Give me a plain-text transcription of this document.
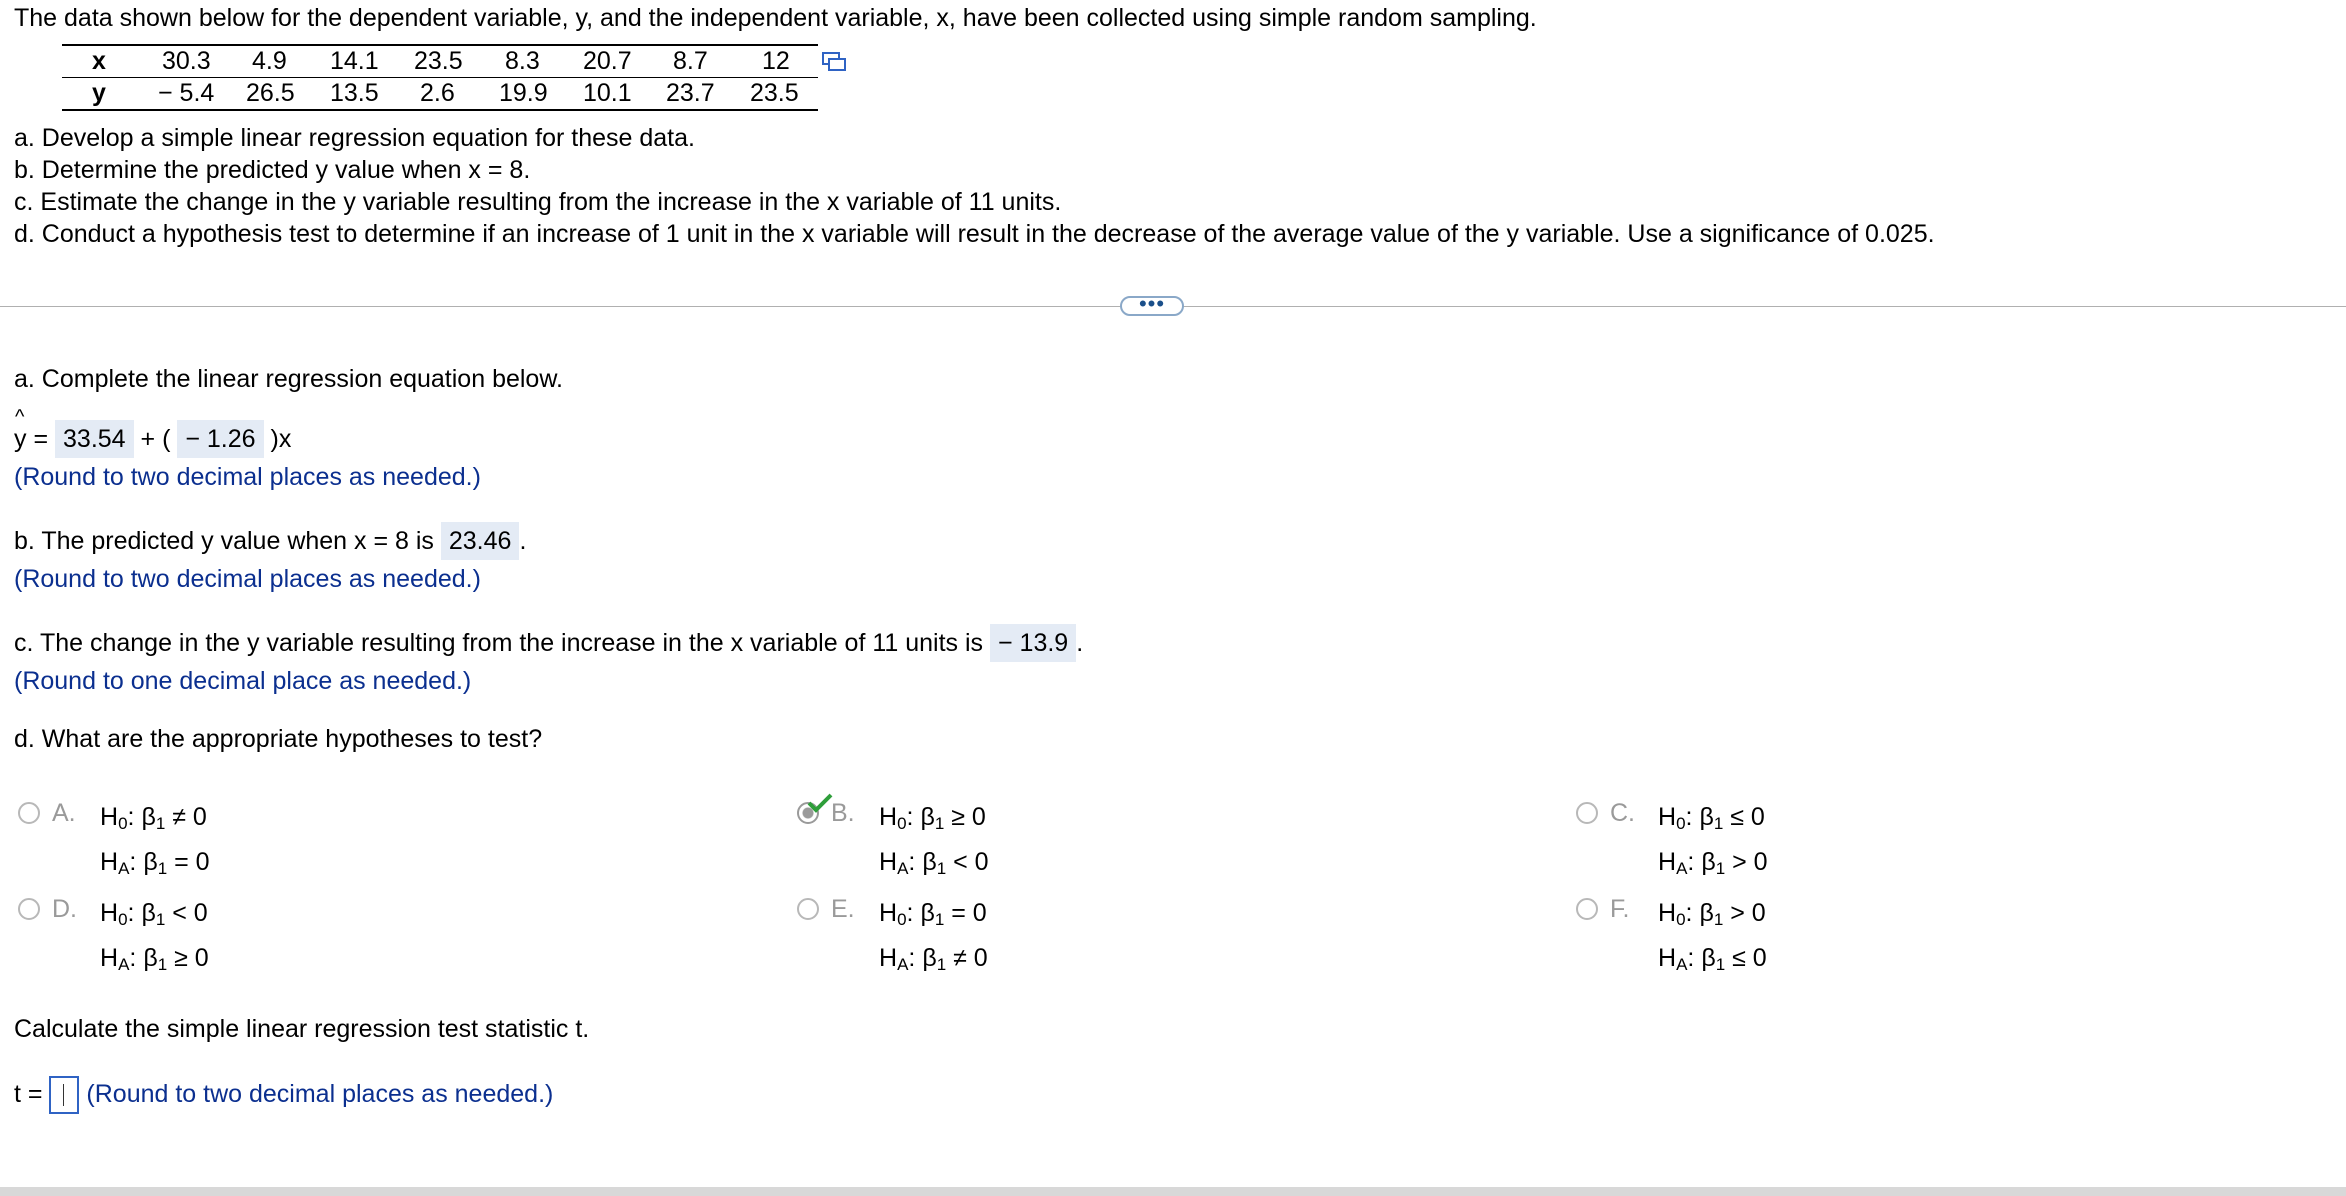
The data shown below for the dependent variable, y, and the independent variable, x, have been collected using simple random sampling.
x 30.3 4.9 14.1 23.5 8.3 20.7 8.7 12
y − 5.4 26.5 13.5 2.6 19.9 10.1 23.7 23.5
a. Develop a simple linear regression equation for these data.
b. Determine the predicted y value when x = 8.
c. Estimate the change in the y variable resulting from the increase in the x variable of 11 units.
d. Conduct a hypothesis test to determine if an increase of 1 unit in the x variable will result in the decrease of the average value of the y variable. Use a significance of 0.025.
•••
a. Complete the linear regression equation below.
^
y = 33.54 + ( − 1.26 )x
(Round to two decimal places as needed.)
b. The predicted y value when x = 8 is 23.46 .
(Round to two decimal places as needed.)
c. The change in the y variable resulting from the increase in the x variable of 11 units is − 13.9 .
(Round to one decimal place as needed.)
d. What are the appropriate hypotheses to test?
A. $H_0$: $\beta_1 \ne 0$
$H_A$: $\beta_1 = 0$
B. $H_0$: $\beta_1 \ge 0$
$H_A$: $\beta_1 < 0$
C. $H_0$: $\beta_1 \le 0$
$H_A$: $\beta_1 > 0$
D. $H_0$: $\beta_1 < 0$
$H_A$: $\beta_1 \ge 0$
E. $H_0$: $\beta_1 = 0$
$H_A$: $\beta_1 \ne 0$
F. $H_0$: $\beta_1 > 0$
$H_A$: $\beta_1 \le 0$
Calculate the simple linear regression test statistic t.
t = (Round to two decimal places as needed.)
